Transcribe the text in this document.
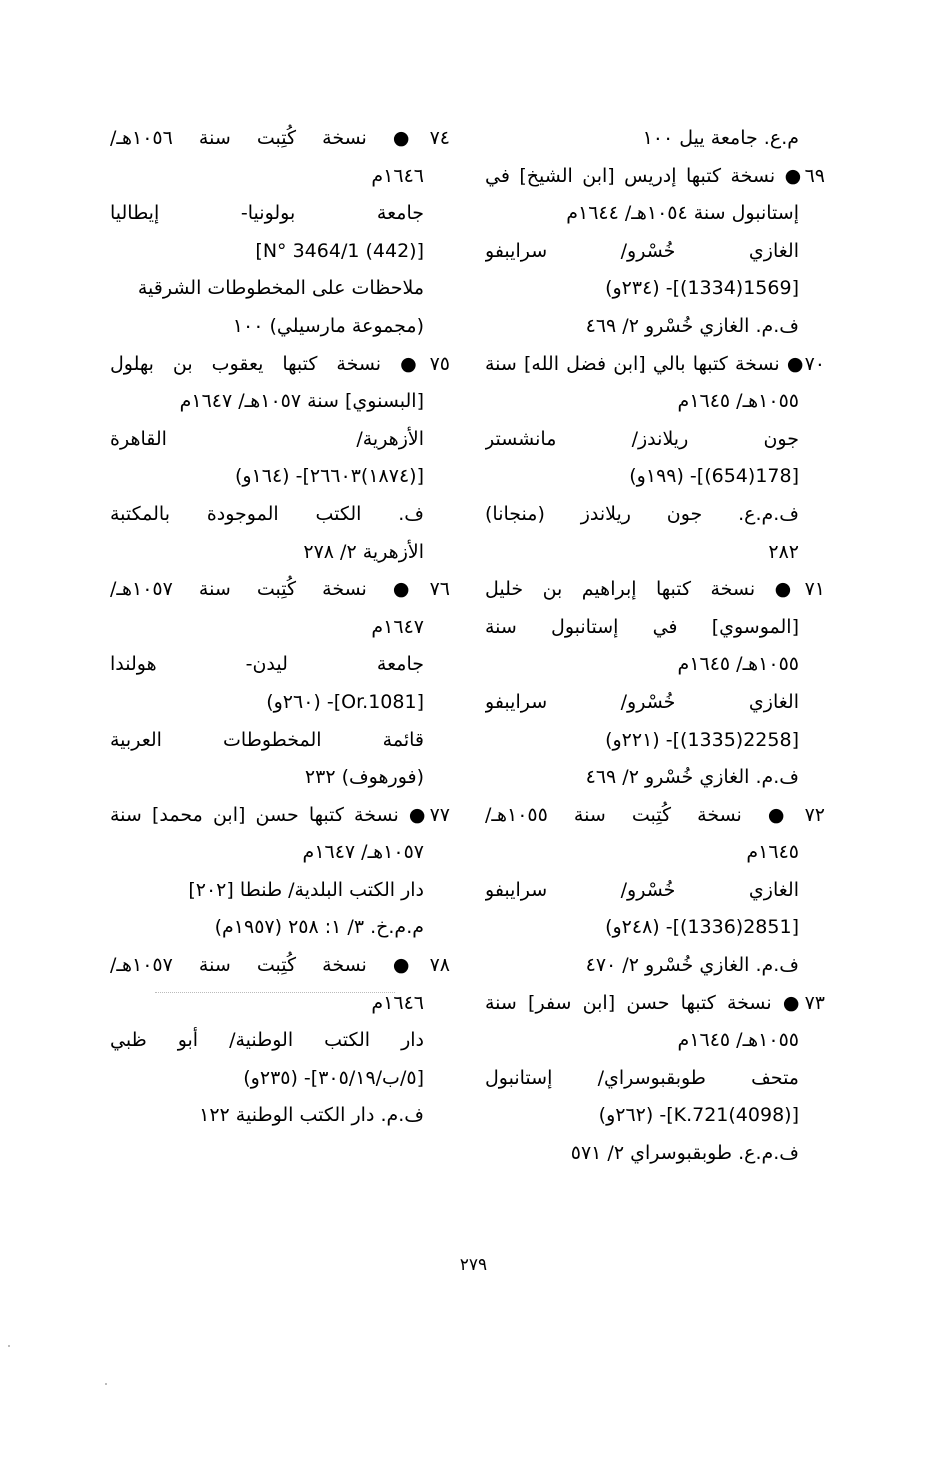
م.ع. جامعة ييل ١٠٠
٦٩● نسخة كتبها إدريس [ابن الشيخ] في
إستانبول سنة ١٠٥٤هـ/ ١٦٤٤م
الغازي خُسْرو/ سرايبفو
[1569(1334)]- (٢٣٤و)
ف.م. الغازي خُسْرو ٢/ ٤٦٩
٧٠● نسخة كتبها بالي [ابن فضل الله] سنة
١٠٥٥هـ/ ١٦٤٥م
جون ريلاندز/ مانشستر
[178(654)]- (١٩٩و)
ف.م.ع. جون ريلاندز (منجانا)
٢٨٢
٧١● نسخة كتبها إبراهيم بن خليل
[الموسوي] في إستانبول سنة
١٠٥٥هـ/ ١٦٤٥م
الغازي خُسْرو/ سرايبفو
[2258(1335)]- (٢٢١و)
ف.م. الغازي خُسْرو ٢/ ٤٦٩
٧٢● نسخة كُتِبت سنة ١٠٥٥هـ/
١٦٤٥م
الغازي خُسْرو/ سرايبفو
[2851(1336)]- (٢٤٨و)
ف.م. الغازي خُسْرو ٢/ ٤٧٠
٧٣● نسخة كتبها حسن [ابن سفر] سنة
١٠٥٥هـ/ ١٦٤٥م
متحف طوبقبوسراي/ إستانبول
[K.721(4098)]- (٢٦٢و)
ف.م.ع. طوبقبوسراي ٢/ ٥٧١
٧٤● نسخة كُتِبت سنة ١٠٥٦هـ/
١٦٤٦م
جامعة بولونيا- إيطاليا
[(442) N° 3464/1]
ملاحظات على المخطوطات الشرقية
(مجموعة مارسيلي) ١٠٠
٧٥● نسخة كتبها يعقوب بن بهلول
[البسنوي] سنة ١٠٥٧هـ/ ١٦٤٧م
الأزهرية/ القاهرة
[(١٨٧٤)٢٦٦٠٣]- (١٦٤و)
ف. الكتب الموجودة بالمكتبة
الأزهرية ٢/ ٢٧٨
٧٦● نسخة كُتِبت سنة ١٠٥٧هـ/
١٦٤٧م
جامعة ليدن- هولندا
[Or.1081]- (٢٦٠و)
قائمة المخطوطات العربية
(فورهوف) ٢٣٢
٧٧● نسخة كتبها حسن [ابن محمد] سنة
١٠٥٧هـ/ ١٦٤٧م
دار الكتب البلدية/ طنطا [٢٠٢]
م.م.خ. ٣/ ١: ٢٥٨ (١٩٥٧م)
٧٨● نسخة كُتِبت سنة ١٠٥٧هـ/
١٦٤٦م
دار الكتب الوطنية/ أبو ظبي
[٥/ب/٣٠٥/١٩]- (٢٣٥و)
ف.م. دار الكتب الوطنية ١٢٢
٢٧٩
